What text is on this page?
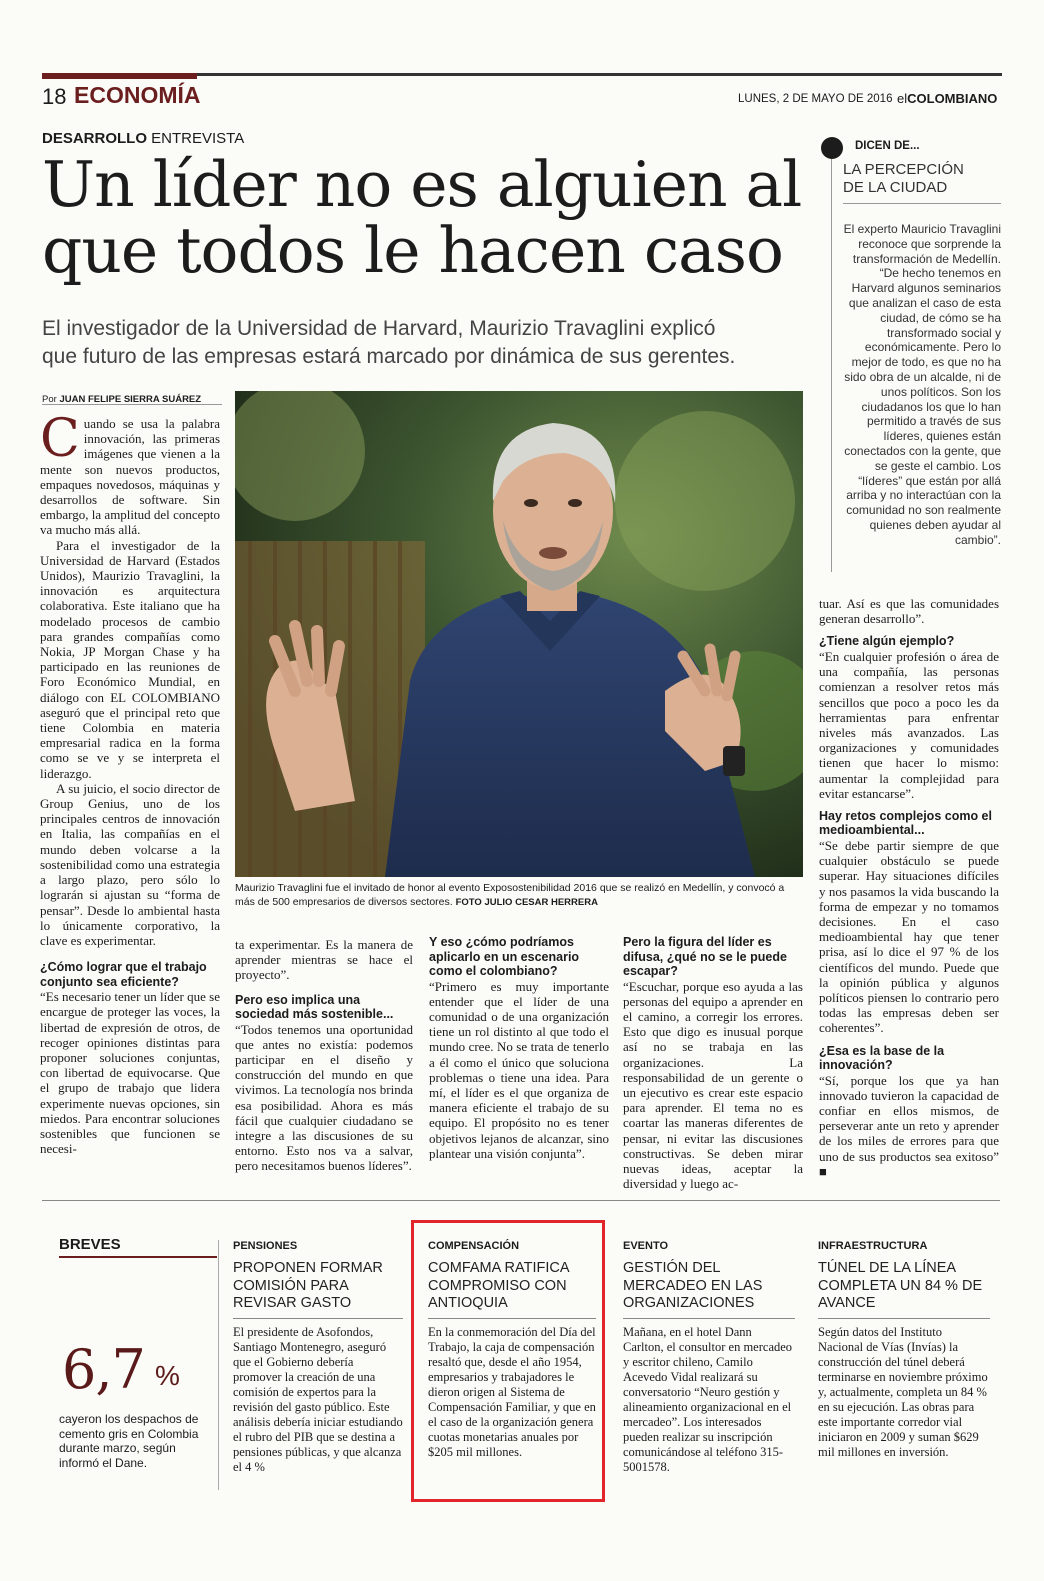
18 ECONOMÍA	LUNES, 2 DE MAYO DE 2016 elCOLOMBIANO
DESARROLLO ENTREVISTA
Un líder no es alguien al
que todos le hacen caso
El investigador de la Universidad de Harvard, Maurizio Travaglini explicó
que futuro de las empresas estará marcado por dinámica de sus gerentes.
Por JUAN FELIPE SIERRA SUÁREZ

Cuando se usa la palabra innovación, las primeras imágenes que vienen a la mente son nuevos productos, empaques novedosos, máquinas y desarrollos de software. Sin embargo, la amplitud del concepto va mucho más allá.

Para el investigador de la Universidad de Harvard (Estados Unidos), Maurizio Travaglini, la innovación es arquitectura colaborativa. Este italiano que ha modelado procesos de cambio para grandes compañías como Nokia, JP Morgan Chase y ha participado en las reuniones de Foro Económico Mundial, en diálogo con EL COLOMBIANO aseguró que el principal reto que tiene Colombia en materia empresarial radica en la forma como se ve y se interpreta el liderazgo.

A su juicio, el socio director de Group Genius, uno de los principales centros de innovación en Italia, las compañías en el mundo deben volcarse a la sostenibilidad como una estrategia a largo plazo, pero sólo lo lograrán si ajustan su “forma de pensar”. Desde lo ambiental hasta lo únicamente corporativo, la clave es experimentar.

¿Cómo lograr que el trabajo conjunto sea eficiente?

“Es necesario tener un líder que se encargue de proteger las voces, la libertad de expresión de otros, de recoger opiniones distintas para proponer soluciones conjuntas, con libertad de equivocarse. Que el grupo de trabajo que lidera experimente nuevas opciones, sin miedos. Para encontrar soluciones sostenibles que funcionen se necesi-

Maurizio Travaglini fue el invitado de honor al evento Exposostenibilidad 2016 que se realizó en Medellín, y convocó a más de 500 empresarios de diversos sectores. FOTO JULIO CESAR HERRERA

ta experimentar. Es la manera de aprender mientras se hace el proyecto”.

Pero eso implica una sociedad más sostenible...

“Todos tenemos una oportunidad que antes no existía: podemos participar en el diseño y construcción del mundo en que vivimos. La tecnología nos brinda esa posibilidad. Ahora es más fácil que cualquier ciudadano se integre a las discusiones de su entorno. Esto nos va a salvar, pero necesitamos buenos líderes”.

Y eso ¿cómo podríamos aplicarlo en un escenario como el colombiano?

“Primero es muy importante entender que el líder de una comunidad o de una organización tiene un rol distinto al que todo el mundo cree. No se trata de tenerlo a él como el único que soluciona problemas o tiene una idea. Para mí, el líder es el que organiza de manera eficiente el trabajo de su equipo. El propósito no es tener objetivos lejanos de alcanzar, sino plantear una visión conjunta”.

Pero la figura del líder es difusa, ¿qué no se le puede escapar?

“Escuchar, porque eso ayuda a las personas del equipo a aprender en el camino, a corregir los errores. Esto que digo es inusual porque así no se trabaja en las organizaciones. La responsabilidad de un gerente o un ejecutivo es crear este espacio para aprender. El tema no es coartar las maneras diferentes de pensar, ni evitar las discusiones constructivas. Se deben mirar nuevas ideas, aceptar la diversidad y luego ac-

tuar. Así es que las comunidades generan desarrollo”.

¿Tiene algún ejemplo?

“En cualquier profesión o área de una compañía, las personas comienzan a resolver retos más sencillos que poco a poco les da herramientas para enfrentar niveles más avanzados. Las organizaciones y comunidades tienen que hacer lo mismo: aumentar la complejidad para evitar estancarse”.

Hay retos complejos como el medioambiental...

“Se debe partir siempre de que cualquier obstáculo se puede superar. Hay situaciones difíciles y nos pasamos la vida buscando la forma de empezar y no tomamos decisiones. En el caso medioambiental hay que tener prisa, así lo dice el 97 % de los científicos del mundo. Puede que la opinión pública y algunos políticos piensen lo contrario pero todas las empresas deben ser coherentes”.

¿Esa es la base de la innovación?

“Sí, porque los que ya han innovado tuvieron la capacidad de confiar en ellos mismos, de perseverar ante un reto y aprender de los miles de errores para que uno de sus productos sea exitoso” ■

DICEN DE...
LA PERCEPCIÓN
DE LA CIUDAD
El experto Mauricio Travaglini reconoce que sorprende la transformación de Medellín. “De hecho tenemos en Harvard algunos seminarios que analizan el caso de esta ciudad, de cómo se ha transformado social y económicamente. Pero lo mejor de todo, es que no ha sido obra de un alcalde, ni de unos políticos. Son los ciudadanos los que lo han permitido a través de sus líderes, quienes están conectados con la gente, que se geste el cambio. Los “líderes” que están por allá arriba y no interactúan con la comunidad no son realmente quienes deben ayudar al cambio”.
BREVES
6,7 %
cayeron los despachos de cemento gris en Colombia durante marzo, según informó el Dane.
PENSIONES
PROPONEN FORMAR COMISIÓN PARA REVISAR GASTO
El presidente de Asofondos, Santiago Montenegro, aseguró que el Gobierno debería promover la creación de una comisión de expertos para la revisión del gasto público. Este análisis debería iniciar estudiando el rubro del PIB que se destina a pensiones públicas, y que alcanza el 4 %
COMPENSACIÓN
COMFAMA RATIFICA COMPROMISO CON ANTIOQUIA
En la conmemoración del Día del Trabajo, la caja de compensación resaltó que, desde el año 1954, empresarios y trabajadores le dieron origen al Sistema de Compensación Familiar, y que en el caso de la organización genera cuotas monetarias anuales por $205 mil millones.
EVENTO
GESTIÓN DEL MERCADEO EN LAS ORGANIZACIONES
Mañana, en el hotel Dann Carlton, el consultor en mercadeo y escritor chileno, Camilo Acevedo Vidal realizará su conversatorio “Neuro gestión y alineamiento organizacional en el mercadeo”. Los interesados pueden realizar su inscripción comunicándose al teléfono 315-5001578.
INFRAESTRUCTURA
TÚNEL DE LA LÍNEA COMPLETA UN 84 % DE AVANCE
Según datos del Instituto Nacional de Vías (Invías) la construcción del túnel deberá terminarse en noviembre próximo y, actualmente, completa un 84 % en su ejecución. Las obras para este importante corredor vial iniciaron en 2009 y suman $629 mil millones en inversión.
